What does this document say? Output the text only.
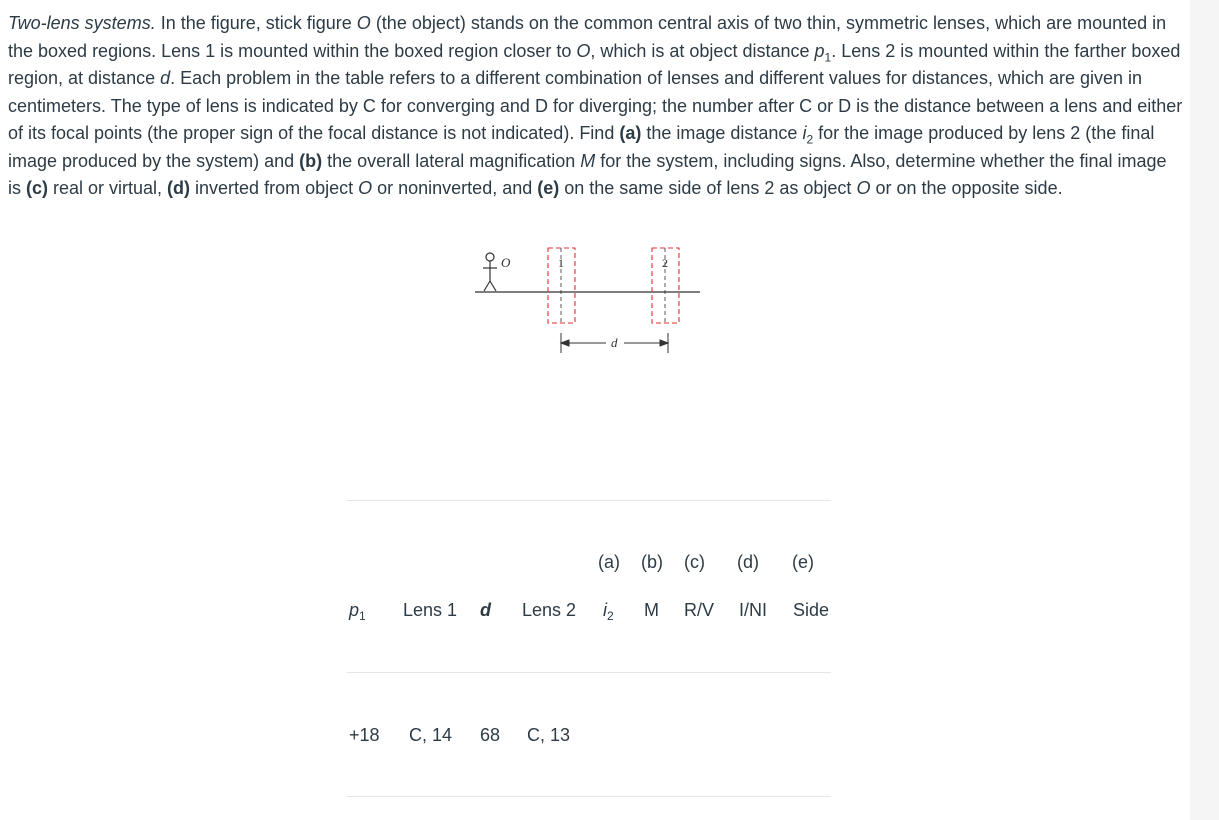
Two-lens systems. In the figure, stick figure O (the object) stands on the common central axis of two thin, symmetric lenses, which are mounted in the boxed regions. Lens 1 is mounted within the boxed region closer to O, which is at object distance $p_1$. Lens 2 is mounted within the farther boxed region, at distance d. Each problem in the table refers to a different combination of lenses and different values for distances, which are given in centimeters. The type of lens is indicated by C for converging and D for diverging; the number after C or D is the distance between a lens and either of its focal points (the proper sign of the focal distance is not indicated). Find (a) the image distance $i_2$ for the image produced by lens 2 (the final image produced by the system) and (b) the overall lateral magnification M for the system, including signs. Also, determine whether the final image is (c) real or virtual, (d) inverted from object O or noninverted, and (e) on the same side of lens 2 as object O or on the opposite side.

O	1	2
d
(a) (b) (c) (d) (e)
$p_1$ Lens 1 d Lens 2 $i_2$ M R/V I/NI Side
+18 C, 14 68 C, 13
